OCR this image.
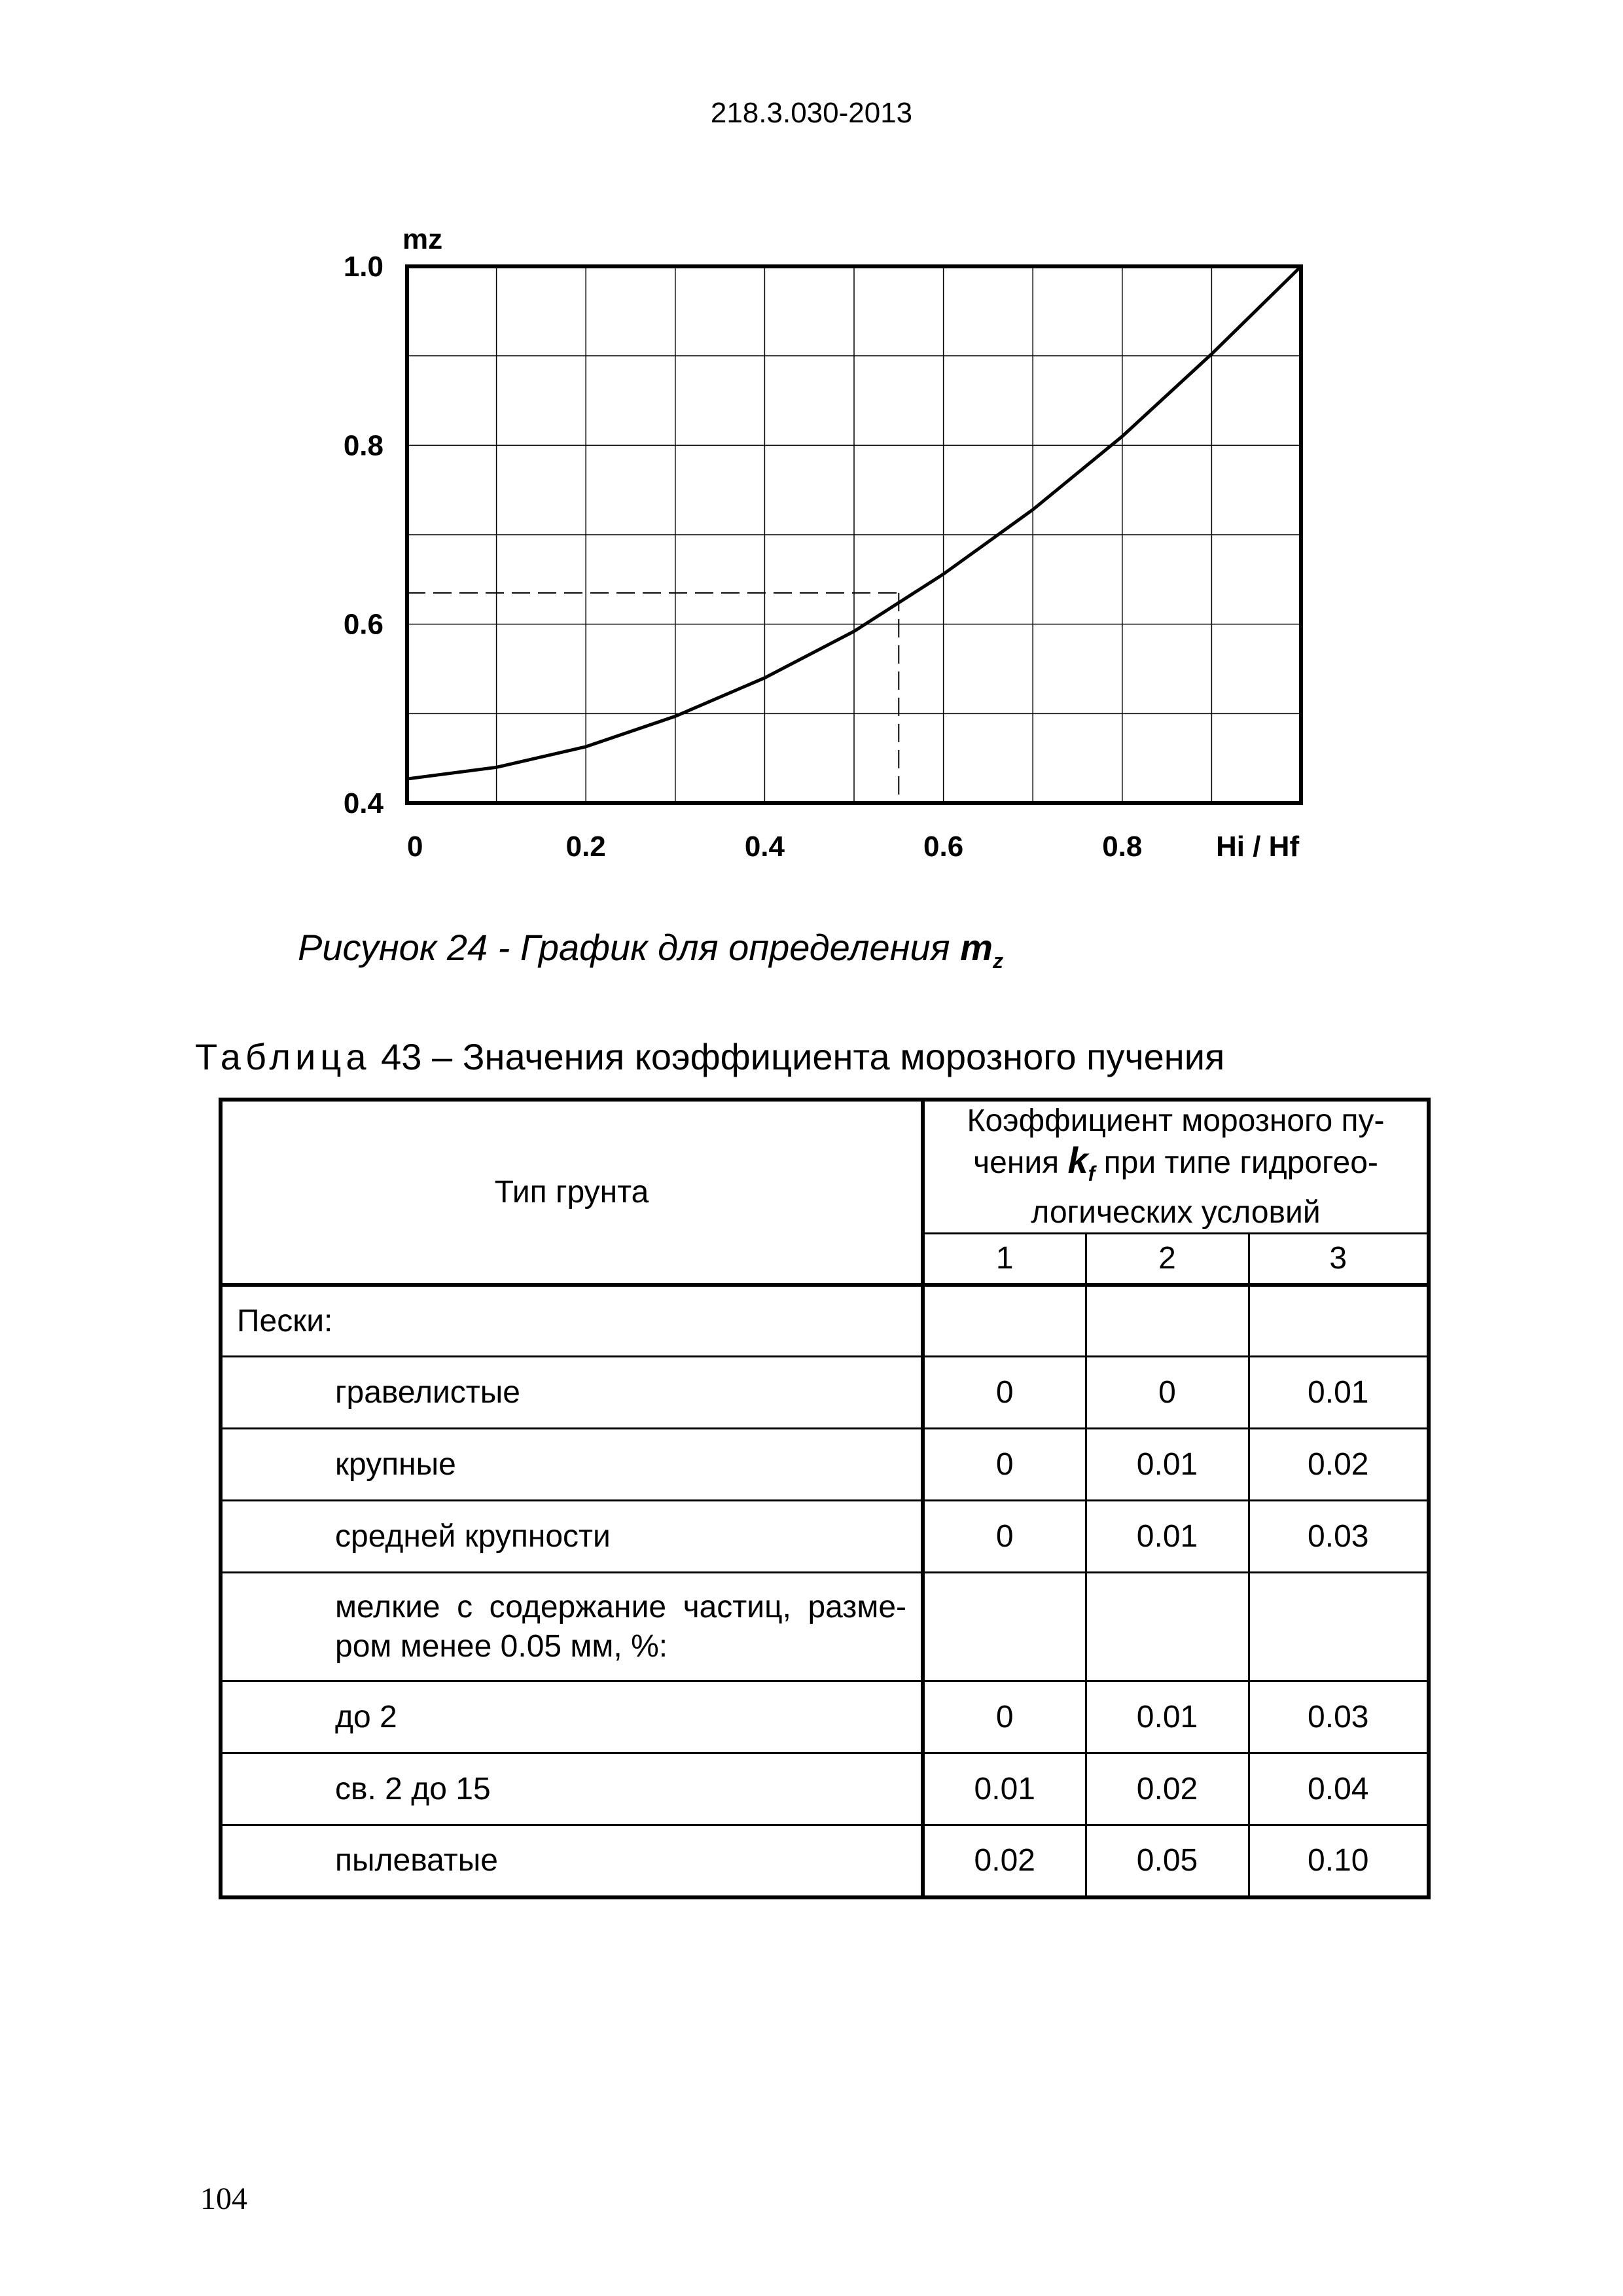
218.3.030-2013
1.0
0.8
0.6
0.4
0	0.2	0.4	0.6	0.8
mz
Hi / Hf
Рисунок 24 - График для определения $m_z$
Таблица 43 – Значения коэффициента морозного пучения
Тип грунта	Коэффициент морозного пу-
чения $k_f$ при типе гидрогео-
логических условий		

	1	2	3
Пески:			
гравелистые	0	0	0.01
крупные	0	0.01	0.02
средней крупности	0	0.01	0.03
мелкие с содержание частиц, разме-ром менее 0.05 мм, %:			
до 2	0	0.01	0.03
св. 2 до 15	0.01	0.02	0.04
пылеватые	0.02	0.05	0.10
104
